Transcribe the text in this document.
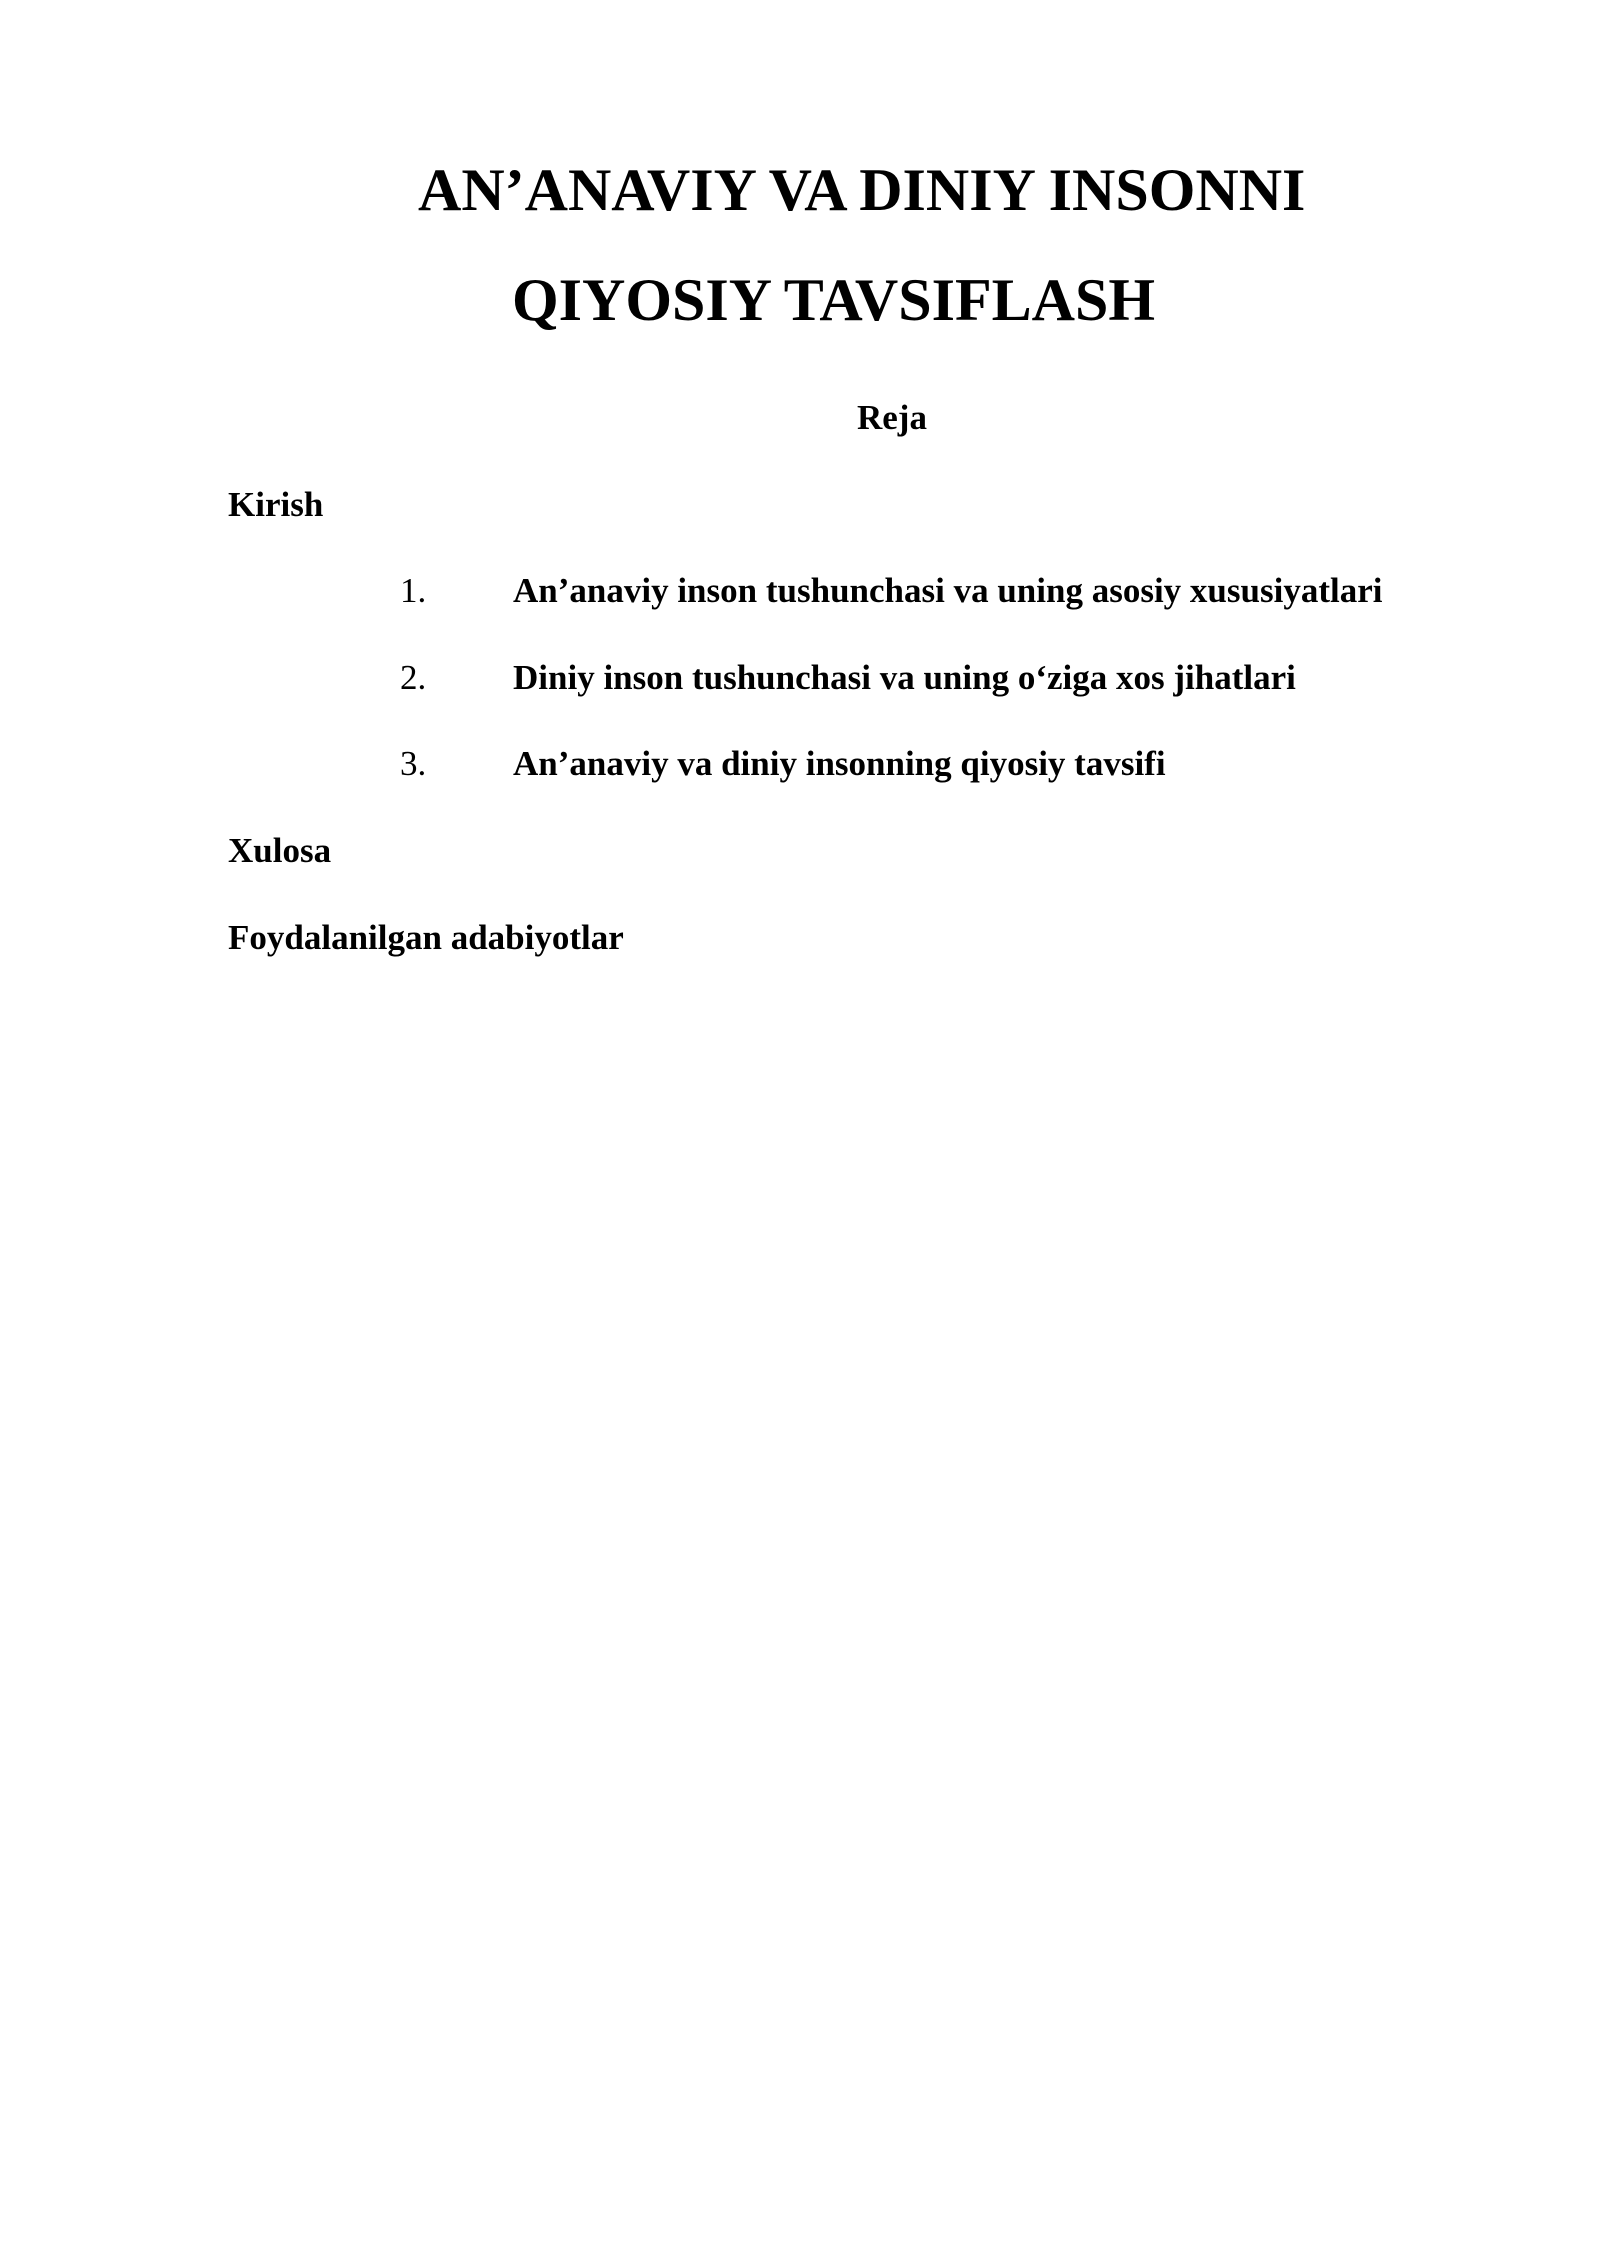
AN’ANAVIY VA DINIY INSONNI
QIYOSIY TAVSIFLASH
Reja
Kirish
1. An’anaviy inson tushunchasi va uning asosiy xususiyatlari
2. Diniy inson tushunchasi va uning o‘ziga xos jihatlari
3. An’anaviy va diniy insonning qiyosiy tavsifi
Xulosa
Foydalanilgan adabiyotlar
